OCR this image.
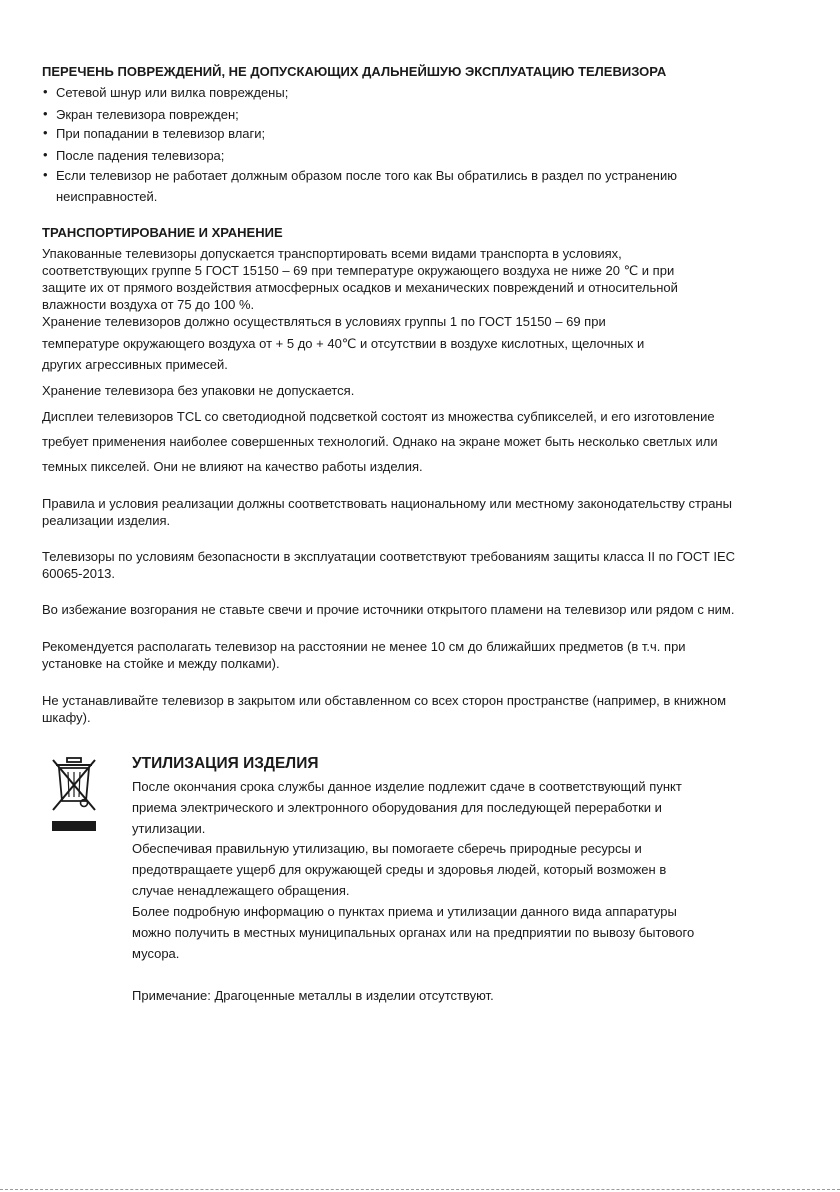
ПЕРЕЧЕНЬ ПОВРЕЖДЕНИЙ, НЕ ДОПУСКАЮЩИХ ДАЛЬНЕЙШУЮ ЭКСПЛУАТАЦИЮ ТЕЛЕВИЗОРА
• Сетевой шнур или вилка повреждены;
• Экран телевизора поврежден;
• При попадании в телевизор влаги;
• После падения телевизора;
• Если телевизор не работает должным образом после того как Вы обратились в раздел по устранению
неисправностей.
ТРАНСПОРТИРОВАНИЕ И ХРАНЕНИЕ
Упакованные телевизоры допускается транспортировать всеми видами транспорта в условиях,
соответствующих группе 5 ГОСТ 15150 – 69 при температуре окружающего воздуха не ниже 20 ℃ и при
защите их от прямого воздействия атмосферных осадков и механических повреждений и относительной
влажности воздуха от 75 до 100 %.
Хранение телевизоров должно осуществляться в условиях группы 1 по ГОСТ 15150 – 69 при
температуре окружающего воздуха от + 5 до + 40℃ и отсутствии в воздухе кислотных, щелочных и
других агрессивных примесей.
Хранение телевизора без упаковки не допускается.
Дисплеи телевизоров TCL со светодиодной подсветкой состоят из множества субпикселей, и его изготовление
требует применения наиболее совершенных технологий. Однако на экране может быть несколько светлых или
темных пикселей. Они не влияют на качество работы изделия.
Правила и условия реализации должны соответствовать национальному или местному законодательству страны
реализации изделия.
Телевизоры по условиям безопасности в эксплуатации соответствуют требованиям защиты класса II по ГОСТ IEC
60065-2013.
Во избежание возгорания не ставьте свечи и прочие источники открытого пламени на телевизор или рядом с ним.
Рекомендуется располагать телевизор на расстоянии не менее 10 см до ближайших предметов (в т.ч. при
установке на стойке и между полками).
Не устанавливайте телевизор в закрытом или обставленном со всех сторон пространстве (например, в книжном
шкафу).
УТИЛИЗАЦИЯ ИЗДЕЛИЯ
После окончания срока службы данное изделие подлежит сдаче в соответствующий пункт
приема электрического и электронного оборудования для последующей переработки и
утилизации.
Обеспечивая правильную утилизацию, вы помогаете сберечь природные ресурсы и
предотвращаете ущерб для окружающей среды и здоровья людей, который возможен в
случае ненадлежащего обращения.
Более подробную информацию о пунктах приема и утилизации данного вида аппаратуры
можно получить в местных муниципальных органах или на предприятии по вывозу бытового
мусора.
Примечание: Драгоценные металлы в изделии отсутствуют.
